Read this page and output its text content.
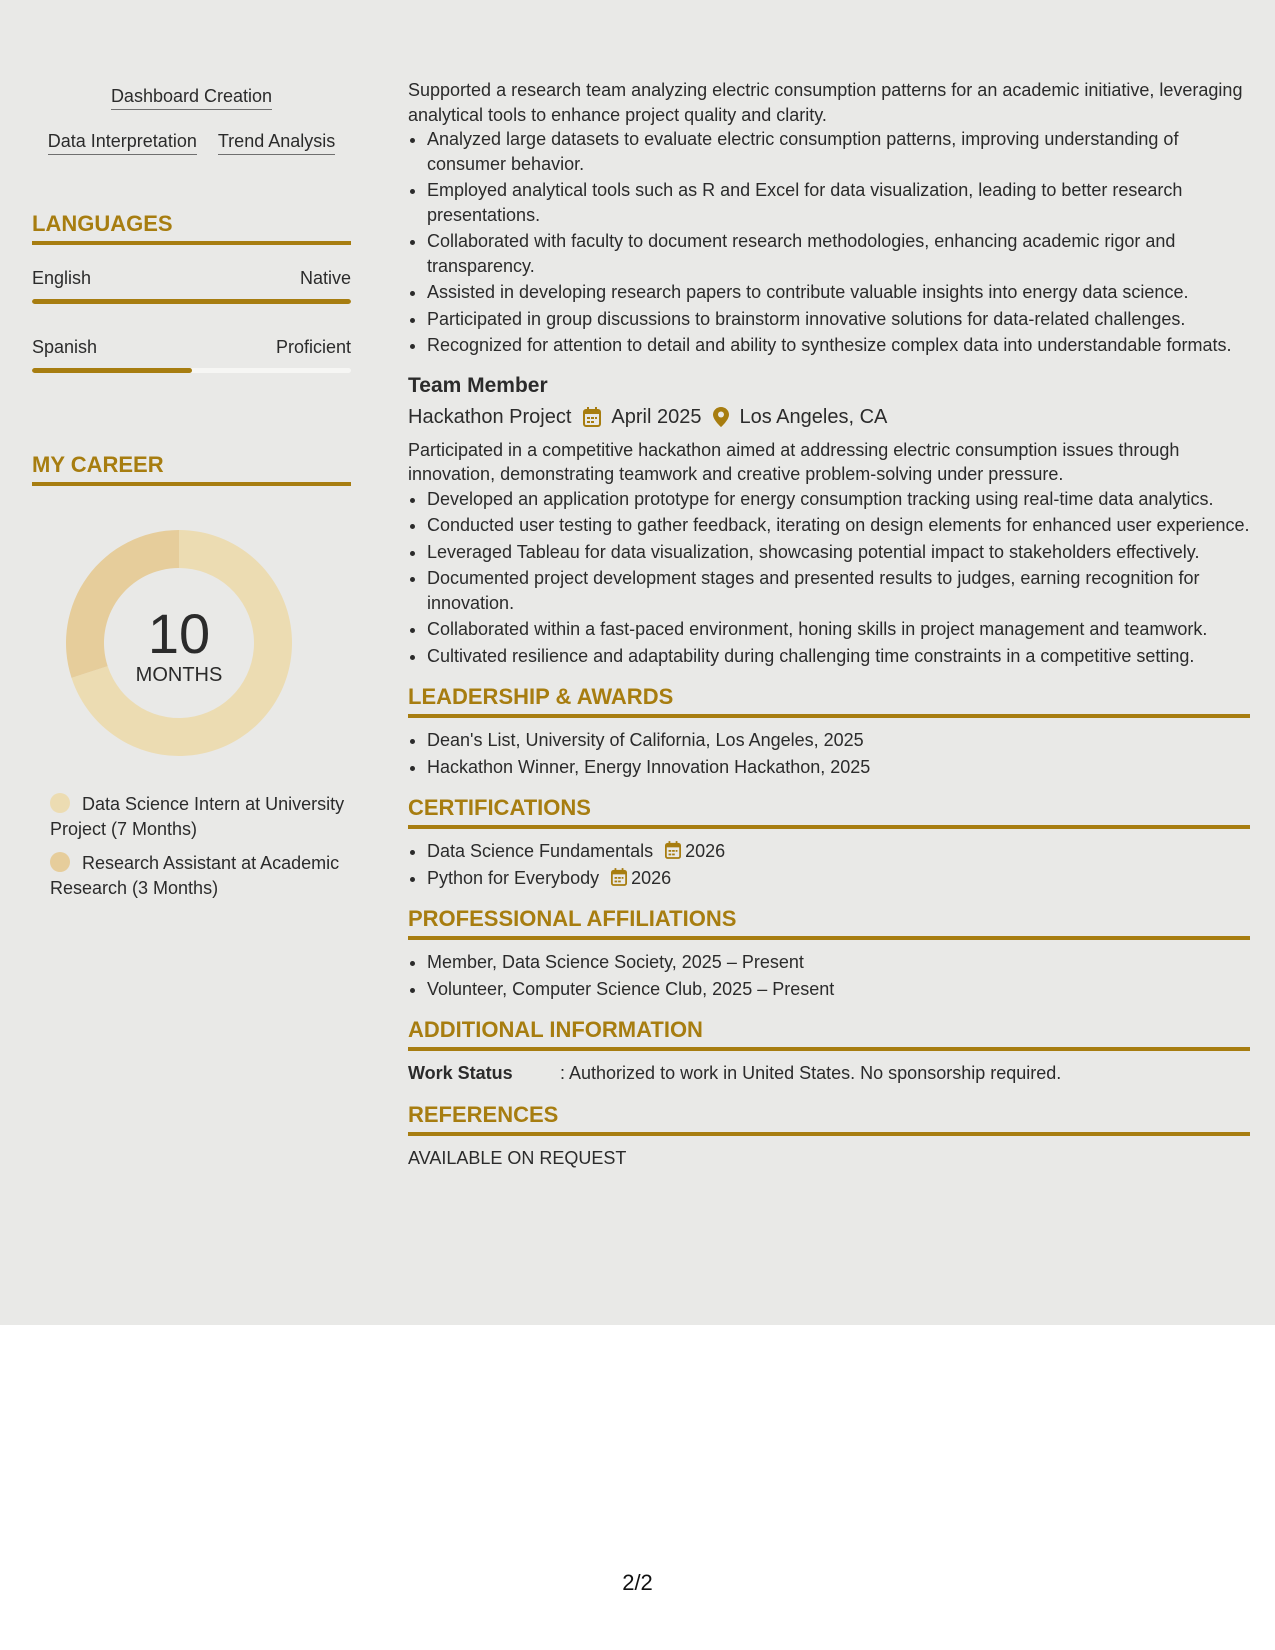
Dashboard Creation
Data Interpretation Trend Analysis
LANGUAGES
English	Native
Spanish	Proficient
MY CAREER
10
MONTHS
Data Science Intern at University Project (7 Months)
Research Assistant at Academic Research (3 Months)

Supported a research team analyzing electric consumption patterns for an academic initiative, leveraging analytical tools to enhance project quality and clarity.

• Analyzed large datasets to evaluate electric consumption patterns, improving understanding of consumer behavior.
• Employed analytical tools such as R and Excel for data visualization, leading to better research presentations.
• Collaborated with faculty to document research methodologies, enhancing academic rigor and transparency.
• Assisted in developing research papers to contribute valuable insights into energy data science.
• Participated in group discussions to brainstorm innovative solutions for data-related challenges.
• Recognized for attention to detail and ability to synthesize complex data into understandable formats.
Team Member
Hackathon Project April 2025 Los Angeles, CA

Participated in a competitive hackathon aimed at addressing electric consumption issues through innovation, demonstrating teamwork and creative problem-solving under pressure.

• Developed an application prototype for energy consumption tracking using real-time data analytics.
• Conducted user testing to gather feedback, iterating on design elements for enhanced user experience.
• Leveraged Tableau for data visualization, showcasing potential impact to stakeholders effectively.
• Documented project development stages and presented results to judges, earning recognition for innovation.
• Collaborated within a fast-paced environment, honing skills in project management and teamwork.
• Cultivated resilience and adaptability during challenging time constraints in a competitive setting.
LEADERSHIP & AWARDS
• Dean's List, University of California, Los Angeles, 2025
• Hackathon Winner, Energy Innovation Hackathon, 2025
CERTIFICATIONS
• Data Science Fundamentals 2026
• Python for Everybody 2026
PROFESSIONAL AFFILIATIONS
• Member, Data Science Society, 2025 – Present
• Volunteer, Computer Science Club, 2025 – Present
ADDITIONAL INFORMATION
Work Status	: Authorized to work in United States. No sponsorship required.
REFERENCES
AVAILABLE ON REQUEST
2/2
